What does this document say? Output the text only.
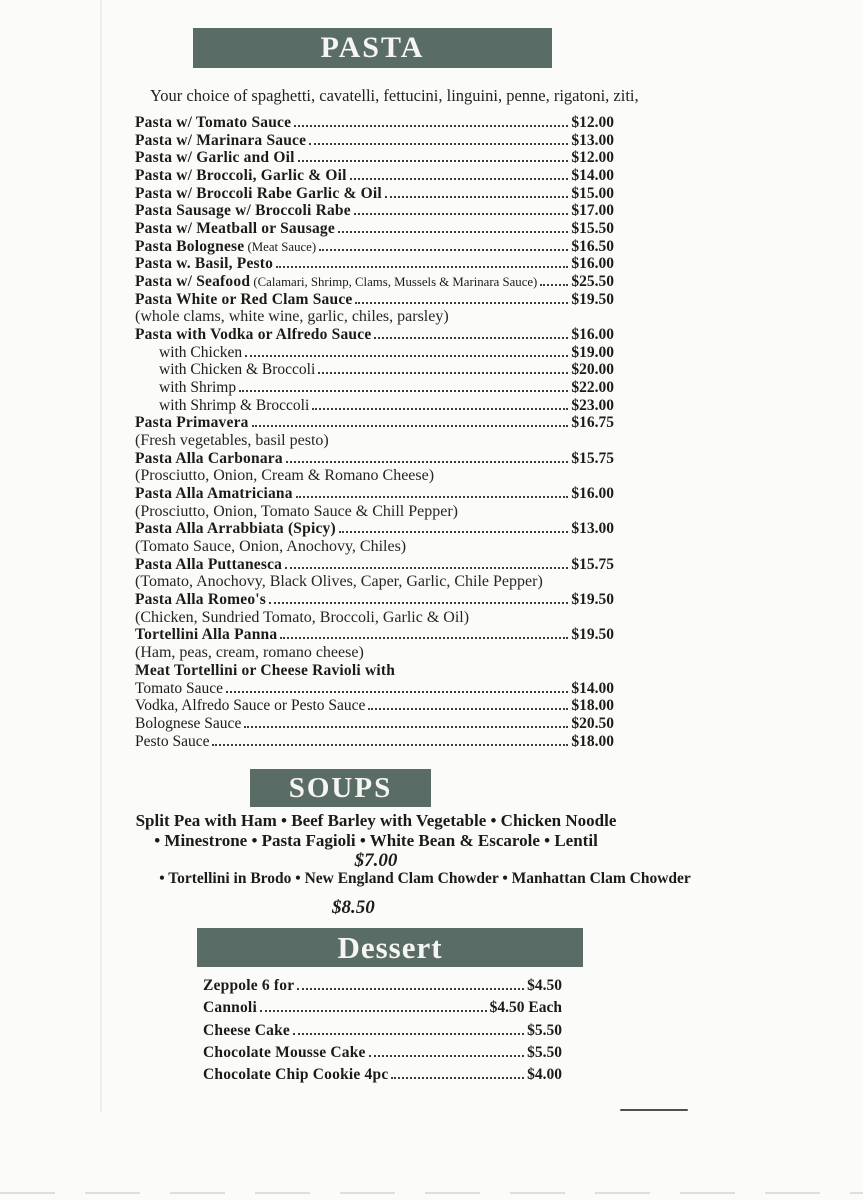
PASTA
Your choice of spaghetti, cavatelli, fettucini, linguini, penne, rigatoni, ziti,
Pasta w/ Tomato Sauce	$12.00
Pasta w/ Marinara Sauce	$13.00
Pasta w/ Garlic and Oil	$12.00
Pasta w/ Broccoli, Garlic & Oil	$14.00
Pasta w/ Broccoli Rabe Garlic & Oil	$15.00
Pasta Sausage w/ Broccoli Rabe	$17.00
Pasta w/ Meatball or Sausage	$15.50
Pasta Bolognese (Meat Sauce)	$16.50
Pasta w. Basil, Pesto	$16.00
Pasta w/ Seafood (Calamari, Shrimp, Clams, Mussels & Marinara Sauce) $25.50
Pasta White or Red Clam Sauce	$19.50
(whole clams, white wine, garlic, chiles, parsley)
Pasta with Vodka or Alfredo Sauce	$16.00
with Chicken	$19.00
with Chicken & Broccoli	$20.00
with Shrimp	$22.00
with Shrimp & Broccoli	$23.00
Pasta Primavera	$16.75
(Fresh vegetables, basil pesto)
Pasta Alla Carbonara	$15.75
(Prosciutto, Onion, Cream & Romano Cheese)
Pasta Alla Amatriciana	$16.00
(Prosciutto, Onion, Tomato Sauce & Chill Pepper)
Pasta Alla Arrabbiata (Spicy)	$13.00
(Tomato Sauce, Onion, Anochovy, Chiles)
Pasta Alla Puttanesca	$15.75
(Tomato, Anochovy, Black Olives, Caper, Garlic, Chile Pepper)
Pasta Alla Romeo's	$19.50
(Chicken, Sundried Tomato, Broccoli, Garlic & Oil)
Tortellini Alla Panna	$19.50
(Ham, peas, cream, romano cheese)
Meat Tortellini or Cheese Ravioli with
Tomato Sauce	$14.00
Vodka, Alfredo Sauce or Pesto Sauce	$18.00
Bolognese Sauce	$20.50
Pesto Sauce	$18.00
SOUPS
Split Pea with Ham • Beef Barley with Vegetable • Chicken Noodle
• Minestrone • Pasta Fagioli • White Bean & Escarole • Lentil
$7.00
• Tortellini in Brodo • New England Clam Chowder • Manhattan Clam Chowder
$8.50
Dessert
Zeppole 6 for	$4.50
Cannoli	$4.50 Each
Cheese Cake	$5.50
Chocolate Mousse Cake	$5.50
Chocolate Chip Cookie 4pc	$4.00
